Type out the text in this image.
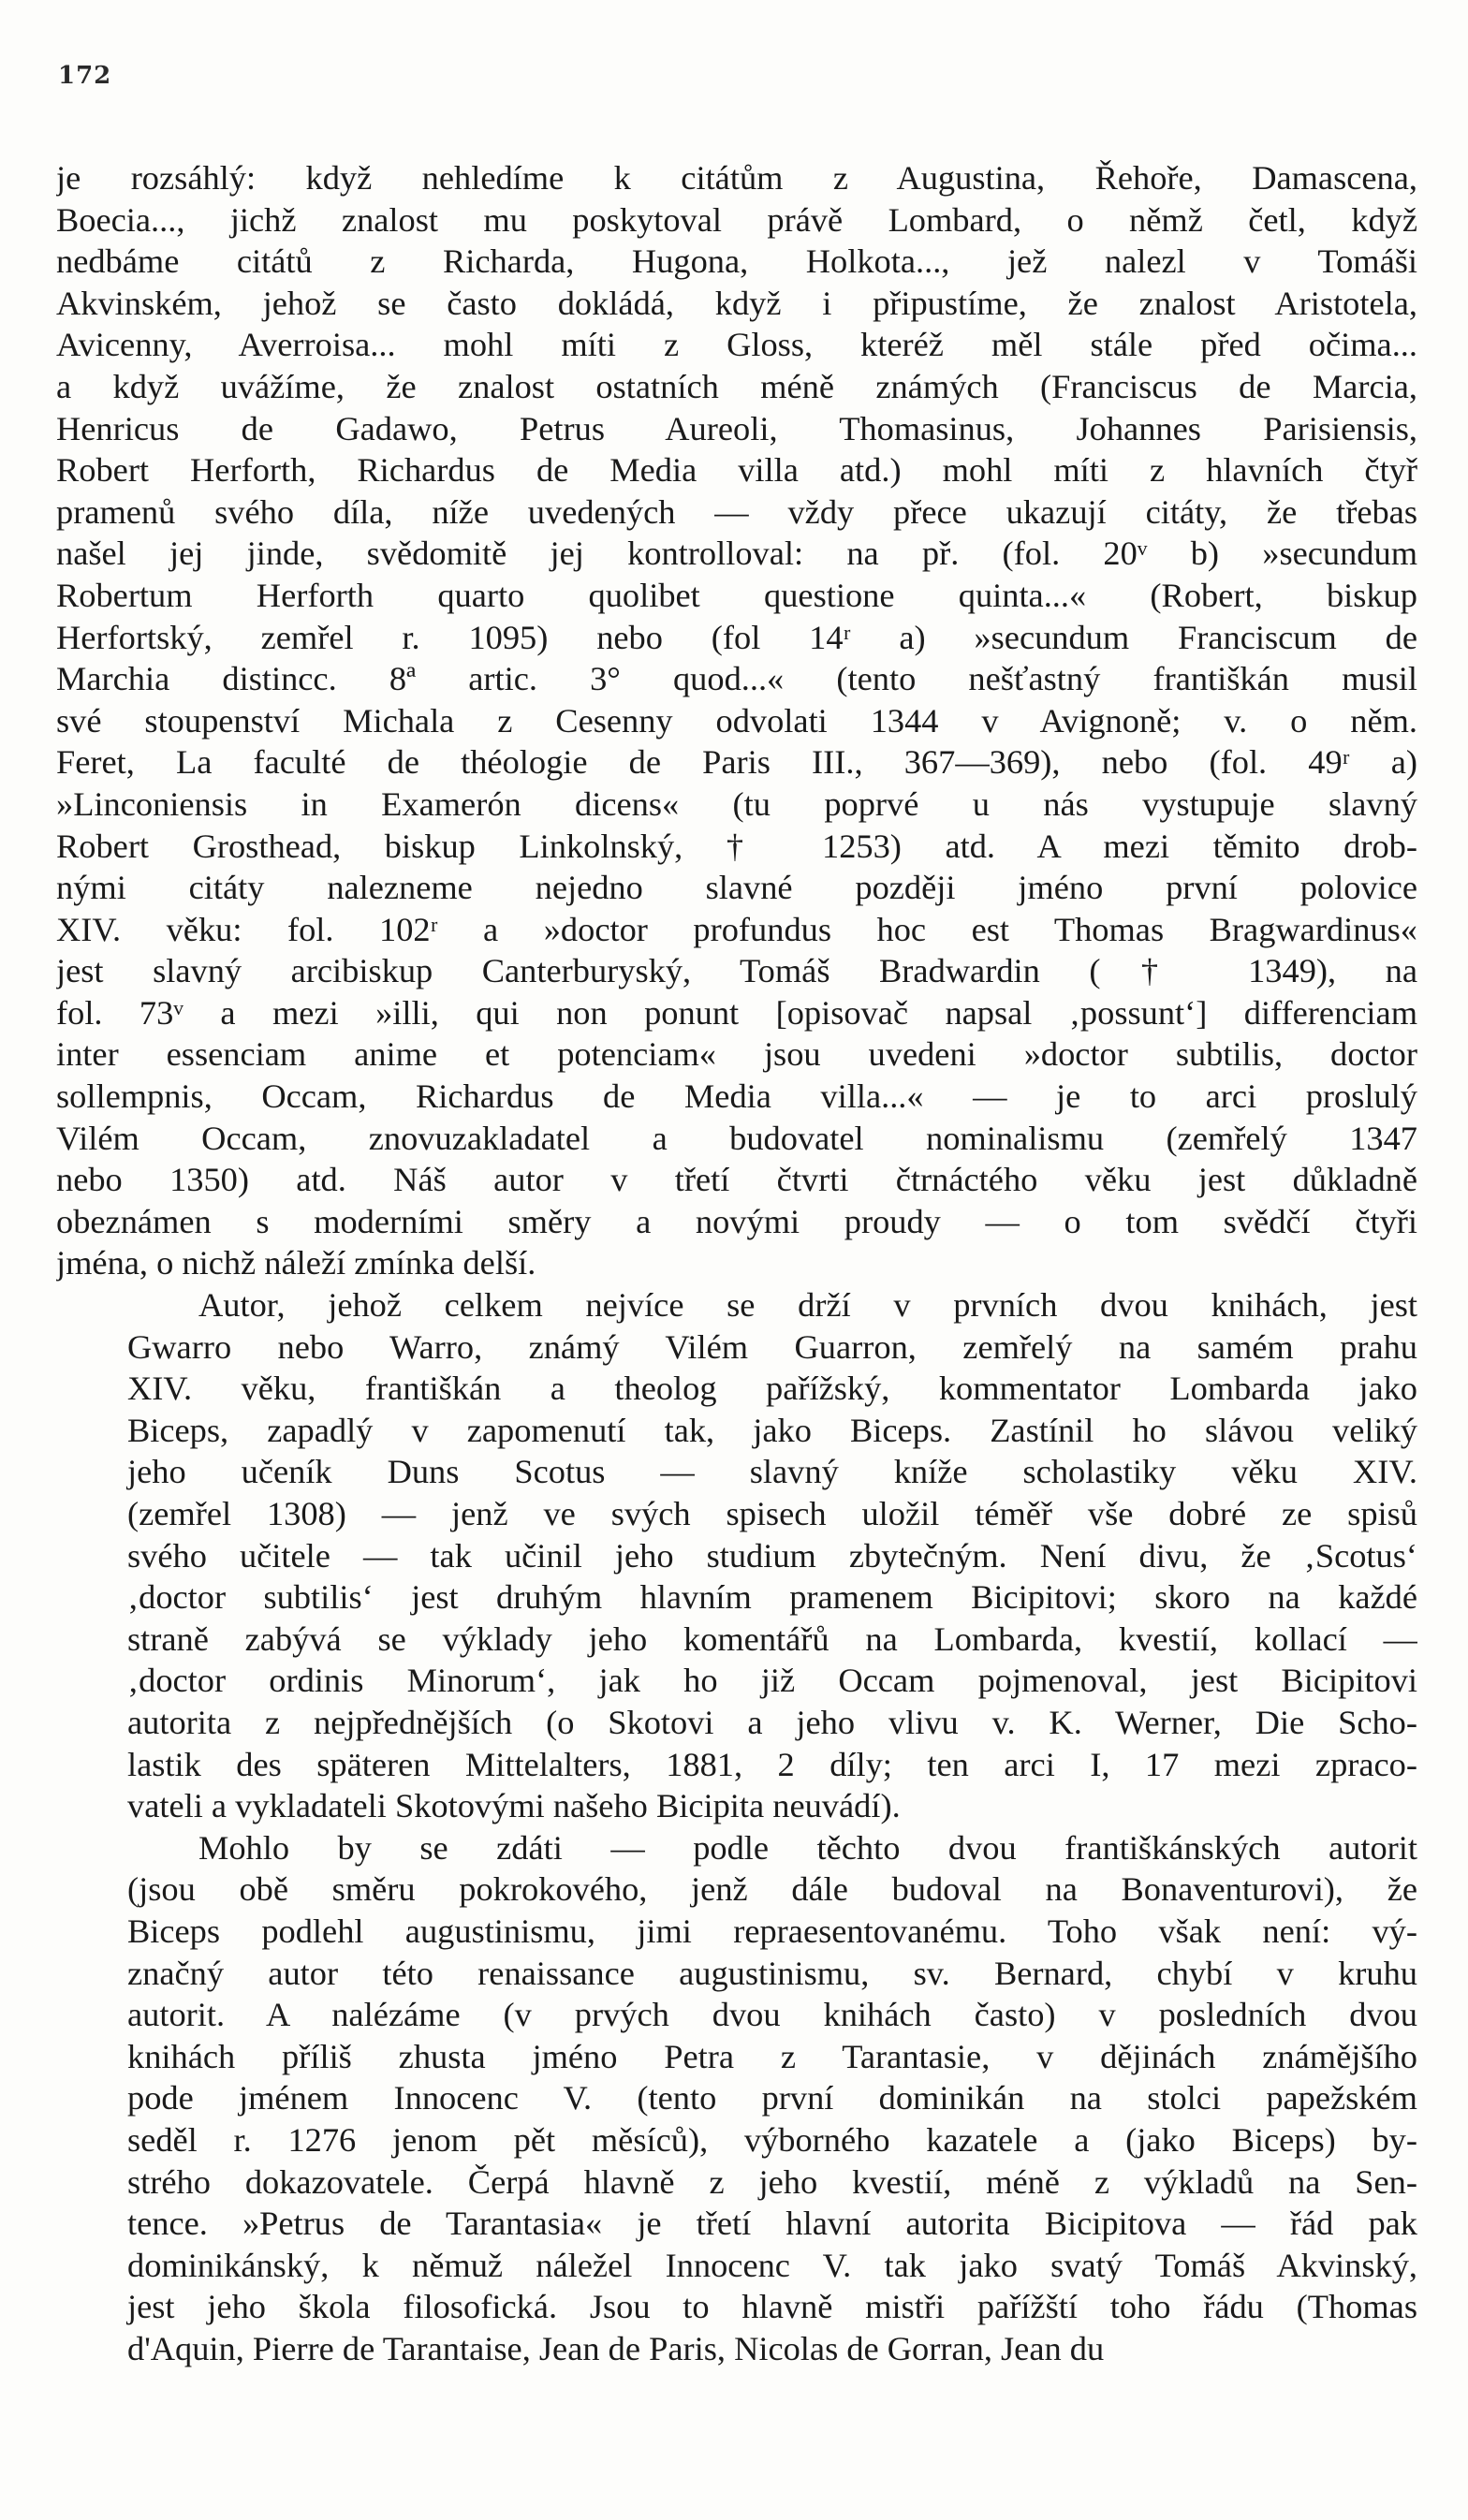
172
je rozsáhlý: když nehledíme k citátům z Augustina, Řehoře, Damascena,
Boecia..., jichž znalost mu poskytoval právě Lombard, o němž četl, když
nedbáme citátů z Richarda, Hugona, Holkota..., jež nalezl v Tomáši
Akvinském, jehož se často dokládá, když i připustíme, že znalost Aristotela,
Avicenny, Averroisa... mohl míti z Gloss, kteréž měl stále před očima...
a když uvážíme, že znalost ostatních méně známých (Franciscus de Marcia,
Henricus de Gadawo, Petrus Aureoli, Thomasinus, Johannes Parisiensis,
Robert Herforth, Richardus de Media villa atd.) mohl míti z hlavních čtyř
pramenů svého díla, níže uvedených — vždy přece ukazují citáty, že třebas
našel jej jinde, svědomitě jej kontrolloval: na př. (fol. 20ᵛ b) »secundum
Robertum Herforth quarto quolibet questione quinta...« (Robert, biskup
Herfortský, zemřel r. 1095) nebo (fol 14ʳ a) »secundum Franciscum de
Marchia distincc. 8ª artic. 3° quod...« (tento nešťastný františkán musil
své stoupenství Michala z Cesenny odvolati 1344 v Avignoně; v. o něm.
Feret, La faculté de théologie de Paris III., 367—369), nebo (fol. 49ʳ a)
»Linconiensis in Examerón dicens« (tu poprvé u nás vystupuje slavný
Robert Grosthead, biskup Linkolnský, † 1253) atd. A mezi těmito drob-
nými citáty nalezneme nejedno slavné později jméno první polovice
XIV. věku: fol. 102ʳ a »doctor profundus hoc est Thomas Bragwardinus«
jest slavný arcibiskup Canterburyský, Tomáš Bradwardin († 1349), na
fol. 73ᵛ a mezi »illi, qui non ponunt [opisovač napsal ‚possunt‘] differenciam
inter essenciam anime et potenciam« jsou uvedeni »doctor subtilis, doctor
sollempnis, Occam, Richardus de Media villa...« — je to arci proslulý
Vilém Occam, znovuzakladatel a budovatel nominalismu (zemřelý 1347
nebo 1350) atd. Náš autor v třetí čtvrti čtrnáctého věku jest důkladně
obeznámen s moderními směry a novými proudy — o tom svědčí čtyři
jména, o nichž náleží zmínka delší.
Autor, jehož celkem nejvíce se drží v prvních dvou knihách, jest
Gwarro nebo Warro, známý Vilém Guarron, zemřelý na samém prahu
XIV. věku, františkán a theolog pařížský, kommentator Lombarda jako
Biceps, zapadlý v zapomenutí tak, jako Biceps. Zastínil ho slávou veliký
jeho učeník Duns Scotus — slavný kníže scholastiky věku XIV.
(zemřel 1308) — jenž ve svých spisech uložil téměř vše dobré ze spisů
svého učitele — tak učinil jeho studium zbytečným. Není divu, že ‚Scotus‘
‚doctor subtilis‘ jest druhým hlavním pramenem Bicipitovi; skoro na každé
straně zabývá se výklady jeho komentářů na Lombarda, kvestií, kollací —
‚doctor ordinis Minorum‘, jak ho již Occam pojmenoval, jest Bicipitovi
autorita z nejpřednějších (o Skotovi a jeho vlivu v. K. Werner, Die Scho-
lastik des späteren Mittelalters, 1881, 2 díly; ten arci I, 17 mezi zpraco-
vateli a vykladateli Skotovými našeho Bicipita neuvádí).
Mohlo by se zdáti — podle těchto dvou františkánských autorit
(jsou obě směru pokrokového, jenž dále budoval na Bonaventurovi), že
Biceps podlehl augustinismu, jimi repraesentovanému. Toho však není: vý-
značný autor této renaissance augustinismu, sv. Bernard, chybí v kruhu
autorit. A nalézáme (v prvých dvou knihách často) v posledních dvou
knihách příliš zhusta jméno Petra z Tarantasie, v dějinách známějšího
pode jménem Innocenc V. (tento první dominikán na stolci papežském
seděl r. 1276 jenom pět měsíců), výborného kazatele a (jako Biceps) by-
strého dokazovatele. Čerpá hlavně z jeho kvestií, méně z výkladů na Sen-
tence. »Petrus de Tarantasia« je třetí hlavní autorita Bicipitova — řád pak
dominikánský, k němuž náležel Innocenc V. tak jako svatý Tomáš Akvinský,
jest jeho škola filosofická. Jsou to hlavně mistři pařížští toho řádu (Thomas
d'Aquin, Pierre de Tarantaise, Jean de Paris, Nicolas de Gorran, Jean du
